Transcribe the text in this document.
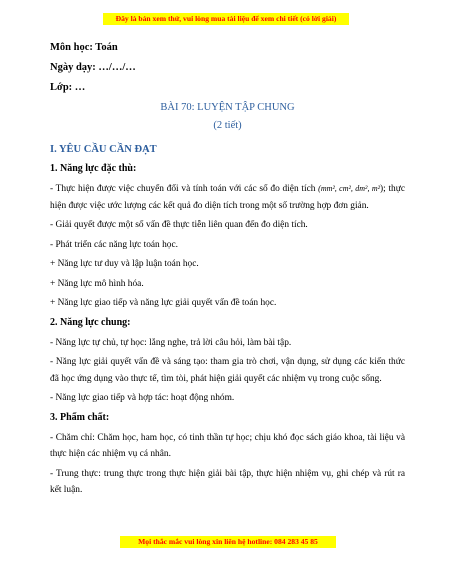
Đây là bản xem thử, vui lòng mua tài liệu để xem chi tiết (có lời giải)
Môn học: Toán
Ngày dạy: …/…/…
Lớp: …
BÀI 70: LUYỆN TẬP CHUNG
(2 tiết)
I. YÊU CẦU CẦN ĐẠT
1. Năng lực đặc thù:
- Thực hiện được việc chuyển đổi và tính toán với các số đo diện tích (mm², cm², dm², m²); thực hiện được việc ước lượng các kết quả đo diện tích trong một số trường hợp đơn giản.
- Giải quyết được một số vấn đề thực tiễn liên quan đến đo diện tích.
- Phát triển các năng lực toán học.
+ Năng lực tư duy và lập luận toán học.
+ Năng lực mô hình hóa.
+ Năng lực giao tiếp và năng lực giải quyết vấn đề toán học.
2. Năng lực chung:
- Năng lực tự chủ, tự học: lắng nghe, trả lời câu hỏi, làm bài tập.
- Năng lực giải quyết vấn đề và sáng tạo: tham gia trò chơi, vận dụng, sử dụng các kiến thức đã học ứng dụng vào thực tế, tìm tòi, phát hiện giải quyết các nhiệm vụ trong cuộc sống.
- Năng lực giao tiếp và hợp tác: hoạt động nhóm.
3. Phẩm chất:
- Chăm chỉ: Chăm học, ham học, có tinh thần tự học; chịu khó đọc sách giáo khoa, tài liệu và thực hiện các nhiệm vụ cá nhân.
- Trung thực: trung thực trong thực hiện giải bài tập, thực hiện nhiệm vụ, ghi chép và rút ra kết luận.
Mọi thắc mắc vui lòng xin liên hệ hotline: 084 283 45 85
